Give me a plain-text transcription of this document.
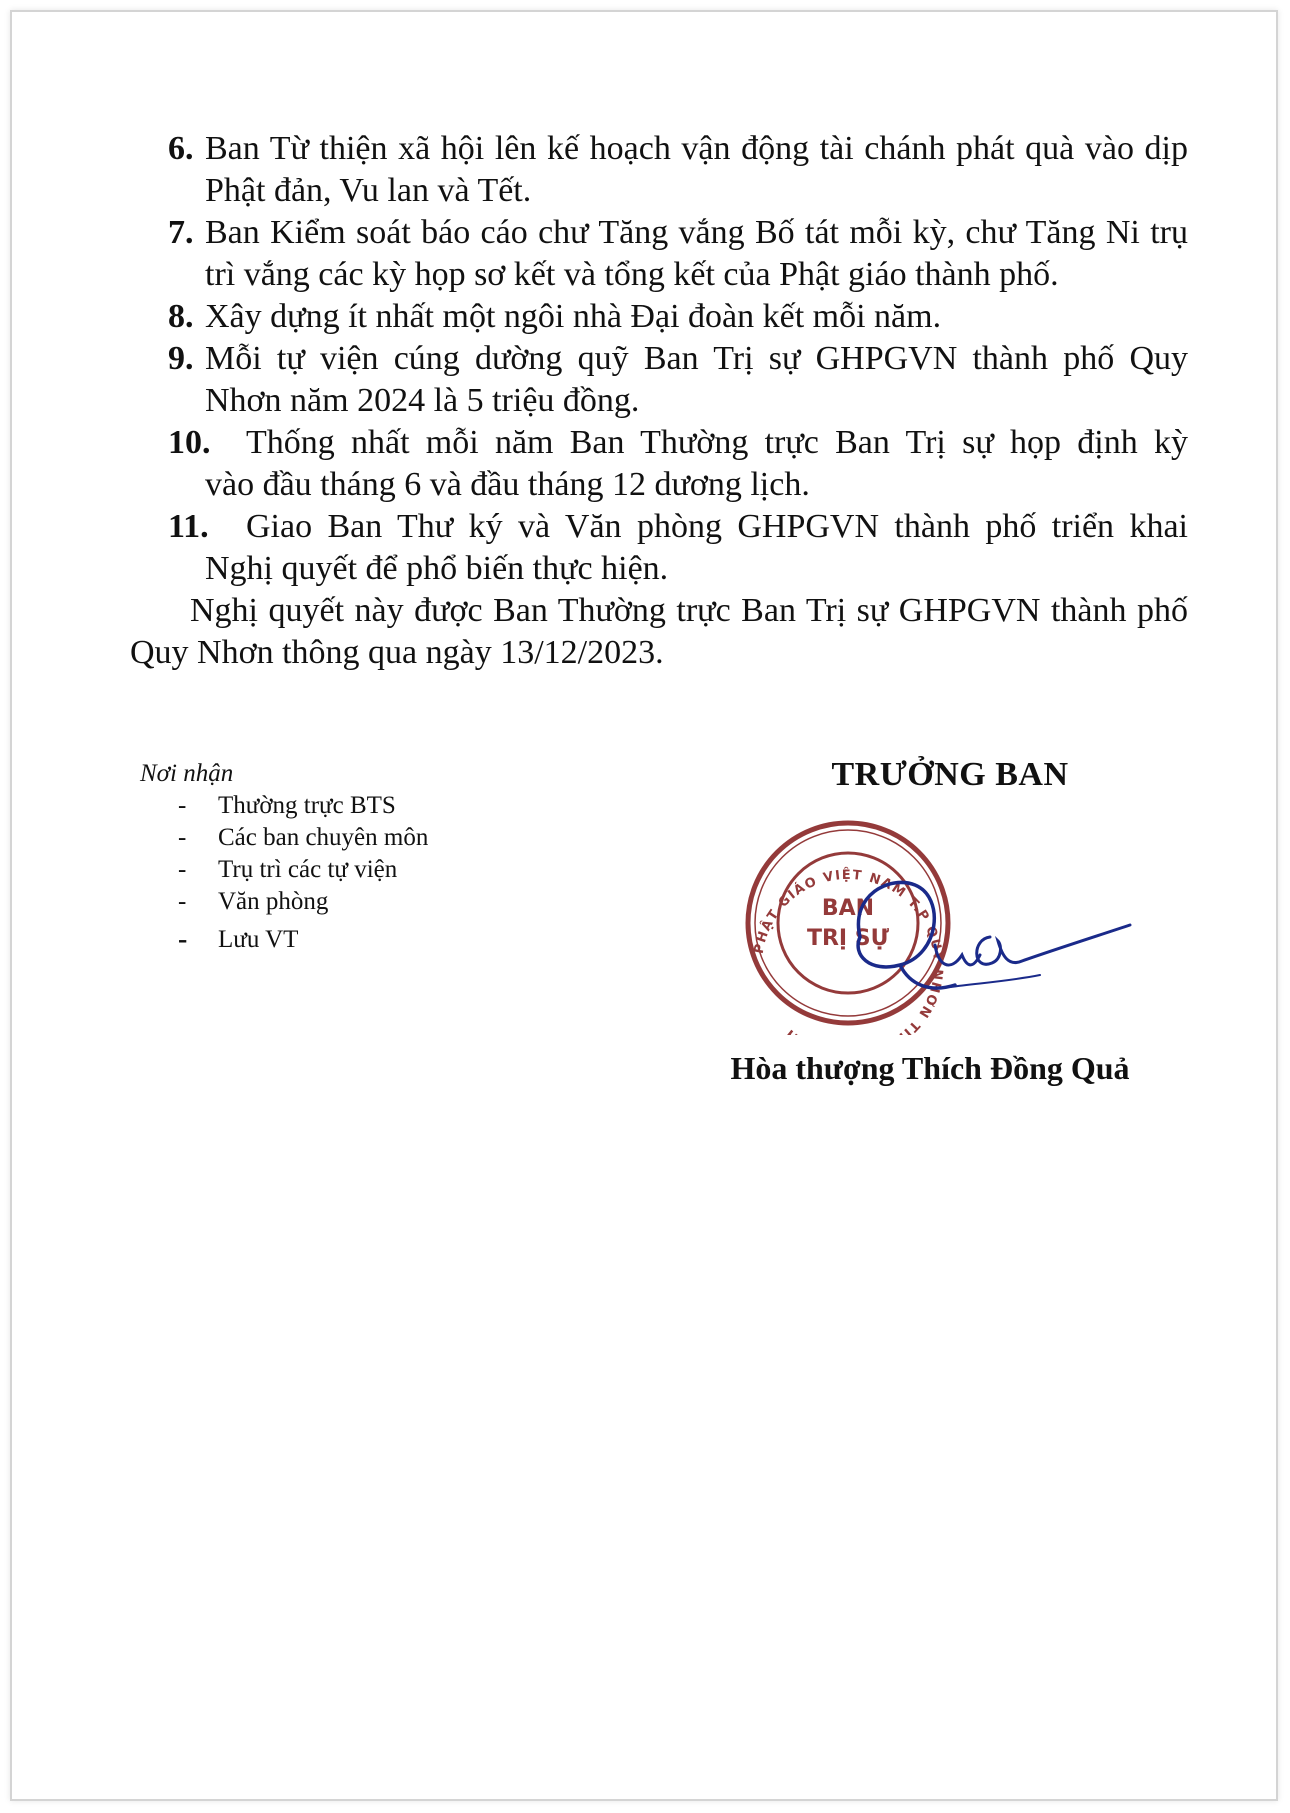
6. Ban Từ thiện xã hội lên kế hoạch vận động tài chánh phát quà vào dịp Phật đản, Vu lan và Tết.

7. Ban Kiểm soát báo cáo chư Tăng vắng Bố tát mỗi kỳ, chư Tăng Ni trụ trì vắng các kỳ họp sơ kết và tổng kết của Phật giáo thành phố.

8. Xây dựng ít nhất một ngôi nhà Đại đoàn kết mỗi năm.

9. Mỗi tự viện cúng dường quỹ Ban Trị sự GHPGVN thành phố Quy Nhơn năm 2024 là 5 triệu đồng.

10.	Thống nhất mỗi năm Ban Thường trực Ban Trị sự họp định kỳ
vào đầu tháng 6 và đầu tháng 12 dương lịch.

11.	Giao Ban Thư ký và Văn phòng GHPGVN thành phố triển khai
Nghị quyết để phổ biến thực hiện.

Nghị quyết này được Ban Thường trực Ban Trị sự GHPGVN thành phố Quy Nhơn thông qua ngày 13/12/2023.

Nơi nhận
- Thường trực BTS
- Các ban chuyên môn
- Trụ trì các tự viện
- Văn phòng
- Lưu VT
TRƯỞNG BAN
PHẬT GIÁO VIỆT NAM T.P QUY NHƠN TỈ H
BAN
TRỊ SỰ
Hòa thượng Thích Đồng Quả
